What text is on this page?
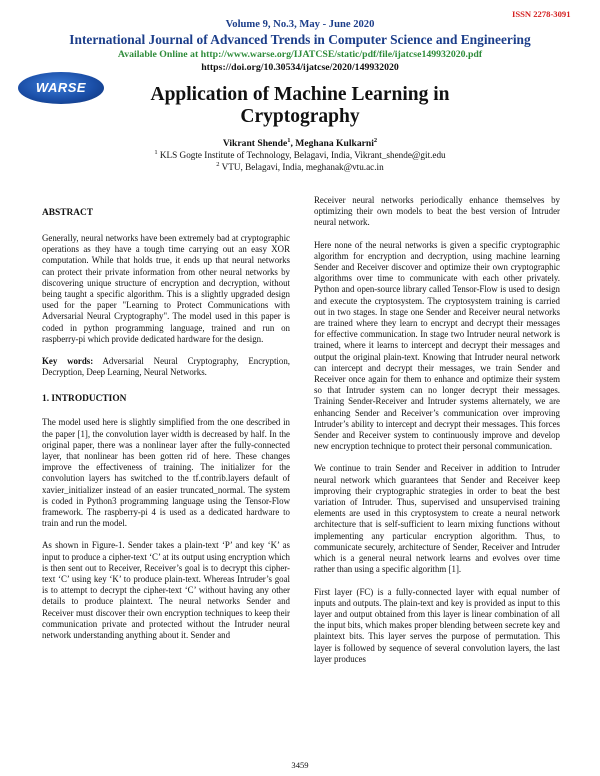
ISSN 2278-3091
Volume 9, No.3, May - June 2020
International Journal of Advanced Trends in Computer Science and Engineering
Available Online at http://www.warse.org/IJATCSE/static/pdf/file/ijatcse149932020.pdf
https://doi.org/10.30534/ijatcse/2020/149932020
WARSE	Application of Machine Learning in
Cryptography
Vikrant Shende$^1$, Meghana Kulkarni$^2$
$^1$ KLS Gogte Institute of Technology, Belagavi, India, Vikrant_shende@git.edu
$^2$ VTU, Belagavi, India, meghanak@vtu.ac.in
ABSTRACT

Generally, neural networks have been extremely bad at cryptographic operations as they have a tough time carrying out an easy XOR computation. While that holds true, it ends up that neural networks can protect their private information from other neural networks by discovering unique structure of encryption and decryption, without being taught a specific algorithm. This is a slightly upgraded design used for the paper "Learning to Protect Communications with Adversarial Neural Cryptography". The model used in this paper is coded in python programming language, trained and run on raspberry-pi which provide dedicated hardware for the design.

Key words: Adversarial Neural Cryptography, Encryption, Decryption, Deep Learning, Neural Networks.

1. INTRODUCTION

The model used here is slightly simplified from the one described in the paper [1], the convolution layer width is decreased by half. In the original paper, there was a nonlinear layer after the fully-connected layer, that nonlinear has been gotten rid of here. These changes improve the effectiveness of training. The initializer for the convolution layers has switched to the tf.contrib.layers default of xavier_initializer instead of an easier truncated_normal. The system is coded in Python3 programming language using the Tensor-Flow framework. The raspberry-pi 4 is used as a dedicated hardware to train and run the model.

As shown in Figure-1. Sender takes a plain-text ‘P’ and key ‘K’ as input to produce a cipher-text ‘C’ at its output using encryption which is then sent out to Receiver, Receiver’s goal is to decrypt this cipher-text ‘C’ using key ‘K’ to produce plain-text. Whereas Intruder’s goal is to attempt to decrypt the cipher-text ‘C’ without having any other details to produce plaintext. The neural networks Sender and Receiver must discover their own encryption techniques to keep their communication private and protected without the Intruder neural network understanding anything about it. Sender and

Receiver neural networks periodically enhance themselves by optimizing their own models to beat the best version of Intruder neural network.

Here none of the neural networks is given a specific cryptographic algorithm for encryption and decryption, using machine learning Sender and Receiver discover and optimize their own cryptographic algorithms over time to communicate with each other privately. Python and open-source library called Tensor-Flow is used to design and execute the cryptosystem. The cryptosystem training is carried out in two stages. In stage one Sender and Receiver neural networks are trained where they learn to encrypt and decrypt their messages for effective communication. In stage two Intruder neural network is trained, where it learns to intercept and decrypt their messages and output the original plain-text. Knowing that Intruder neural network can intercept and decrypt their messages, we train Sender and Receiver once again for them to enhance and optimize their system so that Intruder system can no longer decrypt their messages. Training Sender-Receiver and Intruder systems alternately, we are enhancing Sender and Receiver’s communication over improving Intruder’s ability to intercept and decrypt their messages. This forces Sender and Receiver system to continuously improve and develop new encryption technique to protect their personal communication.

We continue to train Sender and Receiver in addition to Intruder neural network which guarantees that Sender and Receiver keep improving their cryptographic strategies in order to beat the best variation of Intruder. Thus, supervised and unsupervised training elements are used in this cryptosystem to create a neural network architecture that is self-sufficient to learn mixing functions without implementing any particular encryption algorithm. Thus, to communicate securely, architecture of Sender, Receiver and Intruder which is a general neural network learns and evolves over time rather than using a specific algorithm [1].

First layer (FC) is a fully-connected layer with equal number of inputs and outputs. The plain-text and key is provided as input to this layer and output obtained from this layer is linear combination of all the input bits, which makes proper blending between secrete key and plaintext bits. This layer serves the purpose of permutation. This layer is followed by sequence of several convolution layers, the last layer produces

3459
